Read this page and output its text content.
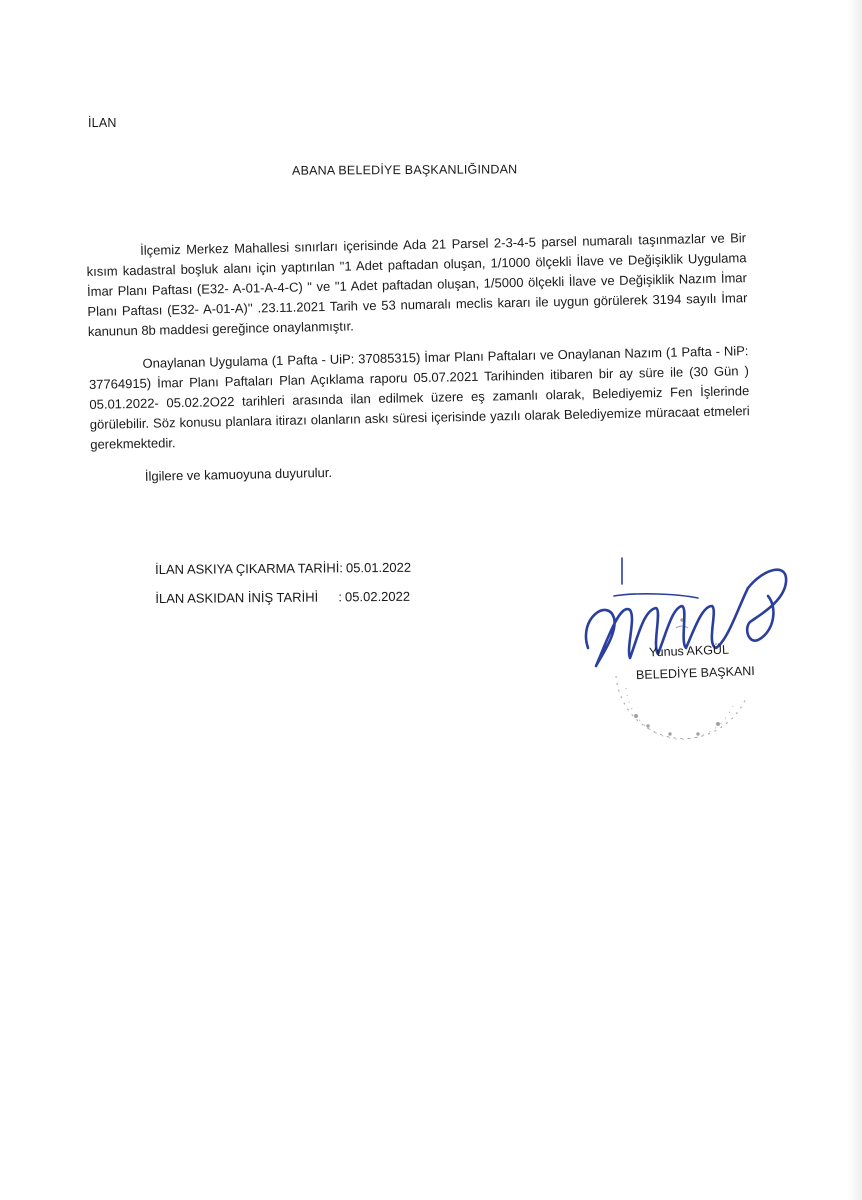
İLAN
ABANA BELEDİYE BAŞKANLIĞINDAN

İlçemiz Merkez Mahallesi sınırları içerisinde Ada 21 Parsel 2-3-4-5 parsel numaralı taşınmazlar ve Bir kısım kadastral boşluk alanı için yaptırılan "1 Adet paftadan oluşan, 1/1000 ölçekli İlave ve Değişiklik Uygulama İmar Planı Paftası (E32- A-01-A-4-C) " ve "1 Adet paftadan oluşan, 1/5000 ölçekli İlave ve Değişiklik Nazım İmar Planı Paftası (E32- A-01-A)'' .23.11.2021 Tarih ve 53 numaralı meclis kararı ile uygun görülerek 3194 sayılı İmar kanunun 8b maddesi gereğince onaylanmıştır.

Onaylanan Uygulama (1 Pafta - UiP: 37085315) İmar Planı Paftaları ve Onaylanan Nazım (1 Pafta - NiP: 37764915) İmar Planı Paftaları Plan Açıklama raporu 05.07.2021 Tarihinden itibaren bir ay süre ile (30 Gün ) 05.01.2022- 05.02.2O22 tarihleri arasında ilan edilmek üzere eş zamanlı olarak, Belediyemiz Fen İşlerinde görülebilir. Söz konusu planlara itirazı olanların askı süresi içerisinde yazılı olarak Belediyemize müracaat etmeleri gerekmektedir.

İlgilere ve kamuoyuna duyurulur.

İLAN ASKIYA ÇIKARMA TARİHİ : 05.01.2022
İLAN ASKIDAN İNİŞ TARİHİ	: 05.02.2022
Yunus AKGÜL
BELEDİYE BAŞKANI
